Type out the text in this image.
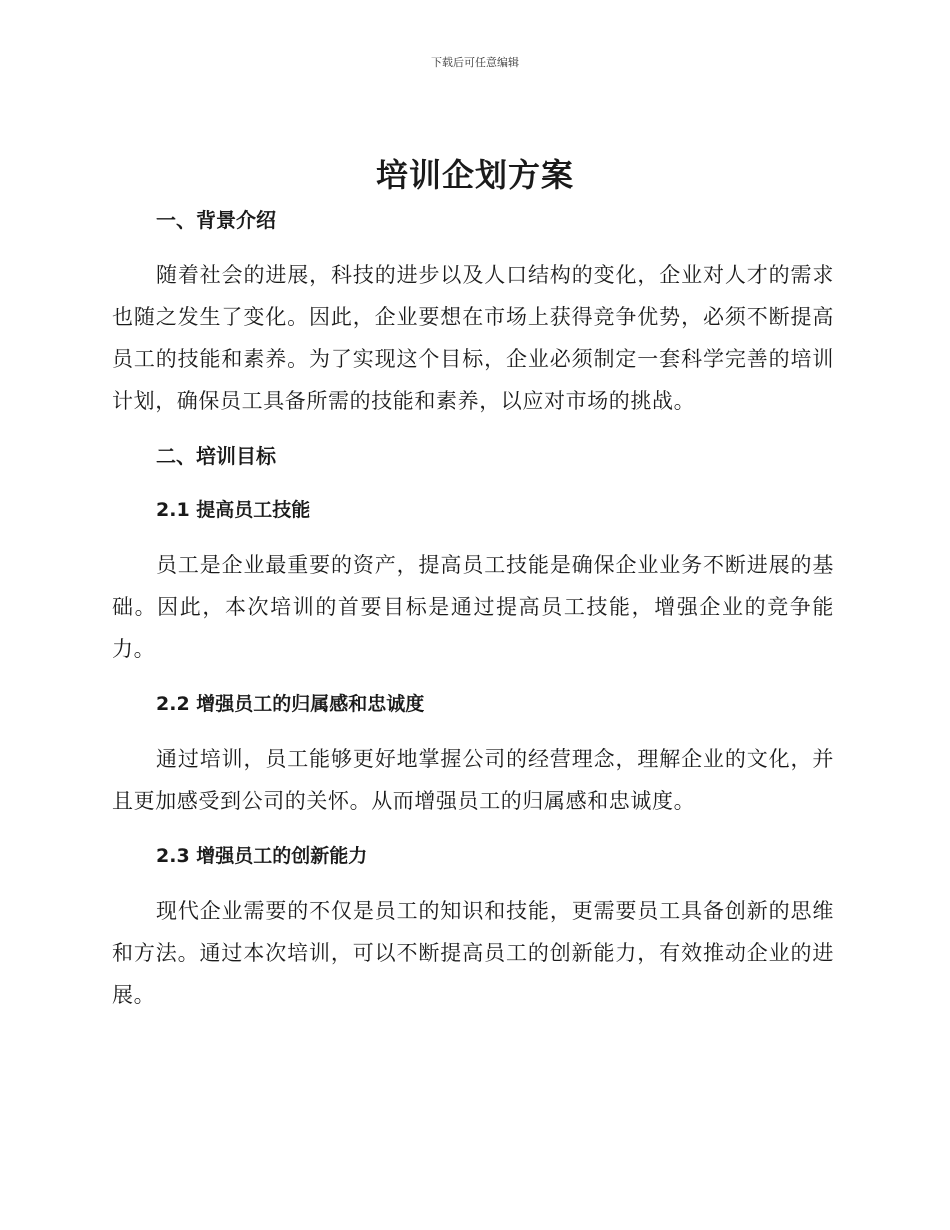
下载后可任意编辑
培训企划方案
一、背景介绍

随着社会的进展，科技的进步以及人口结构的变化，企业对人才的需求也随之发生了变化。因此，企业要想在市场上获得竞争优势，必须不断提高员工的技能和素养。为了实现这个目标，企业必须制定一套科学完善的培训计划，确保员工具备所需的技能和素养，以应对市场的挑战。

二、培训目标
2.1 提高员工技能

员工是企业最重要的资产，提高员工技能是确保企业业务不断进展的基础。因此，本次培训的首要目标是通过提高员工技能，增强企业的竞争能力。

2.2 增强员工的归属感和忠诚度

通过培训，员工能够更好地掌握公司的经营理念，理解企业的文化，并且更加感受到公司的关怀。从而增强员工的归属感和忠诚度。

2.3 增强员工的创新能力

现代企业需要的不仅是员工的知识和技能，更需要员工具备创新的思维和方法。通过本次培训，可以不断提高员工的创新能力，有效推动企业的进展。
